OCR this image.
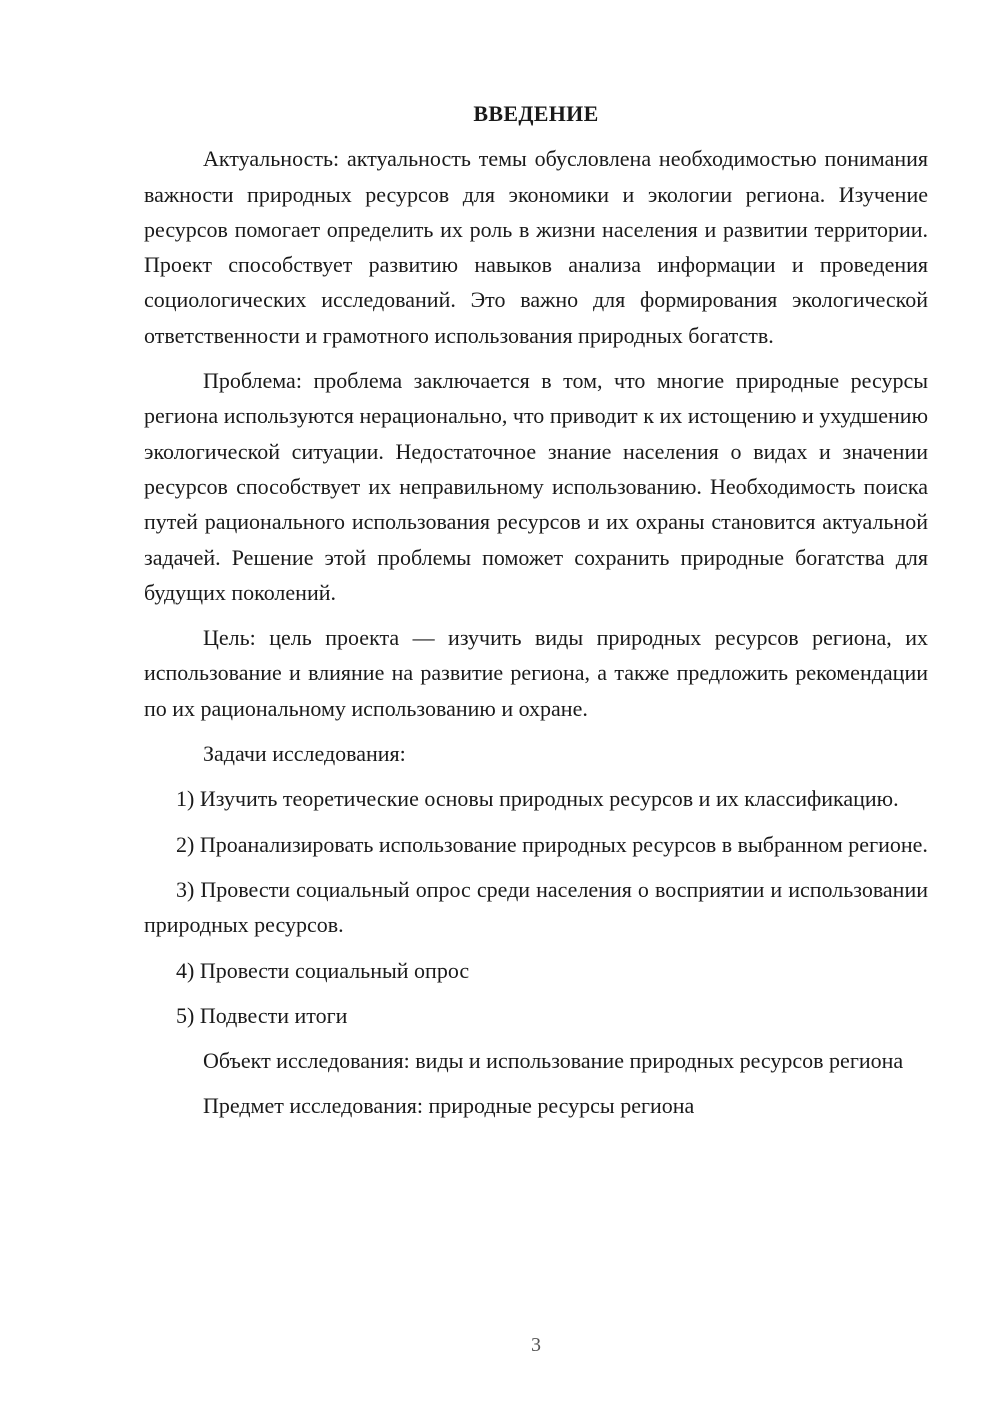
ВВЕДЕНИЕ

Актуальность: актуальность темы обусловлена необходимостью понимания важности природных ресурсов для экономики и экологии региона. Изучение ресурсов помогает определить их роль в жизни населения и развитии территории. Проект способствует развитию навыков анализа информации и проведения социологических исследований. Это важно для формирования экологической ответственности и грамотного использования природных богатств.

Проблема: проблема заключается в том, что многие природные ресурсы региона используются нерационально, что приводит к их истощению и ухудшению экологической ситуации. Недостаточное знание населения о видах и значении ресурсов способствует их неправильному использованию. Необходимость поиска путей рационального использования ресурсов и их охраны становится актуальной задачей. Решение этой проблемы поможет сохранить природные богатства для будущих поколений.

Цель: цель проекта — изучить виды природных ресурсов региона, их использование и влияние на развитие региона, а также предложить рекомендации по их рациональному использованию и охране.

Задачи исследования:

1) Изучить теоретические основы природных ресурсов и их классификацию.

2) Проанализировать использование природных ресурсов в выбранном регионе.

3) Провести социальный опрос среди населения о восприятии и использовании природных ресурсов.

4) Провести социальный опрос

5) Подвести итоги

Объект исследования: виды и использование природных ресурсов региона

Предмет исследования: природные ресурсы региона

3
